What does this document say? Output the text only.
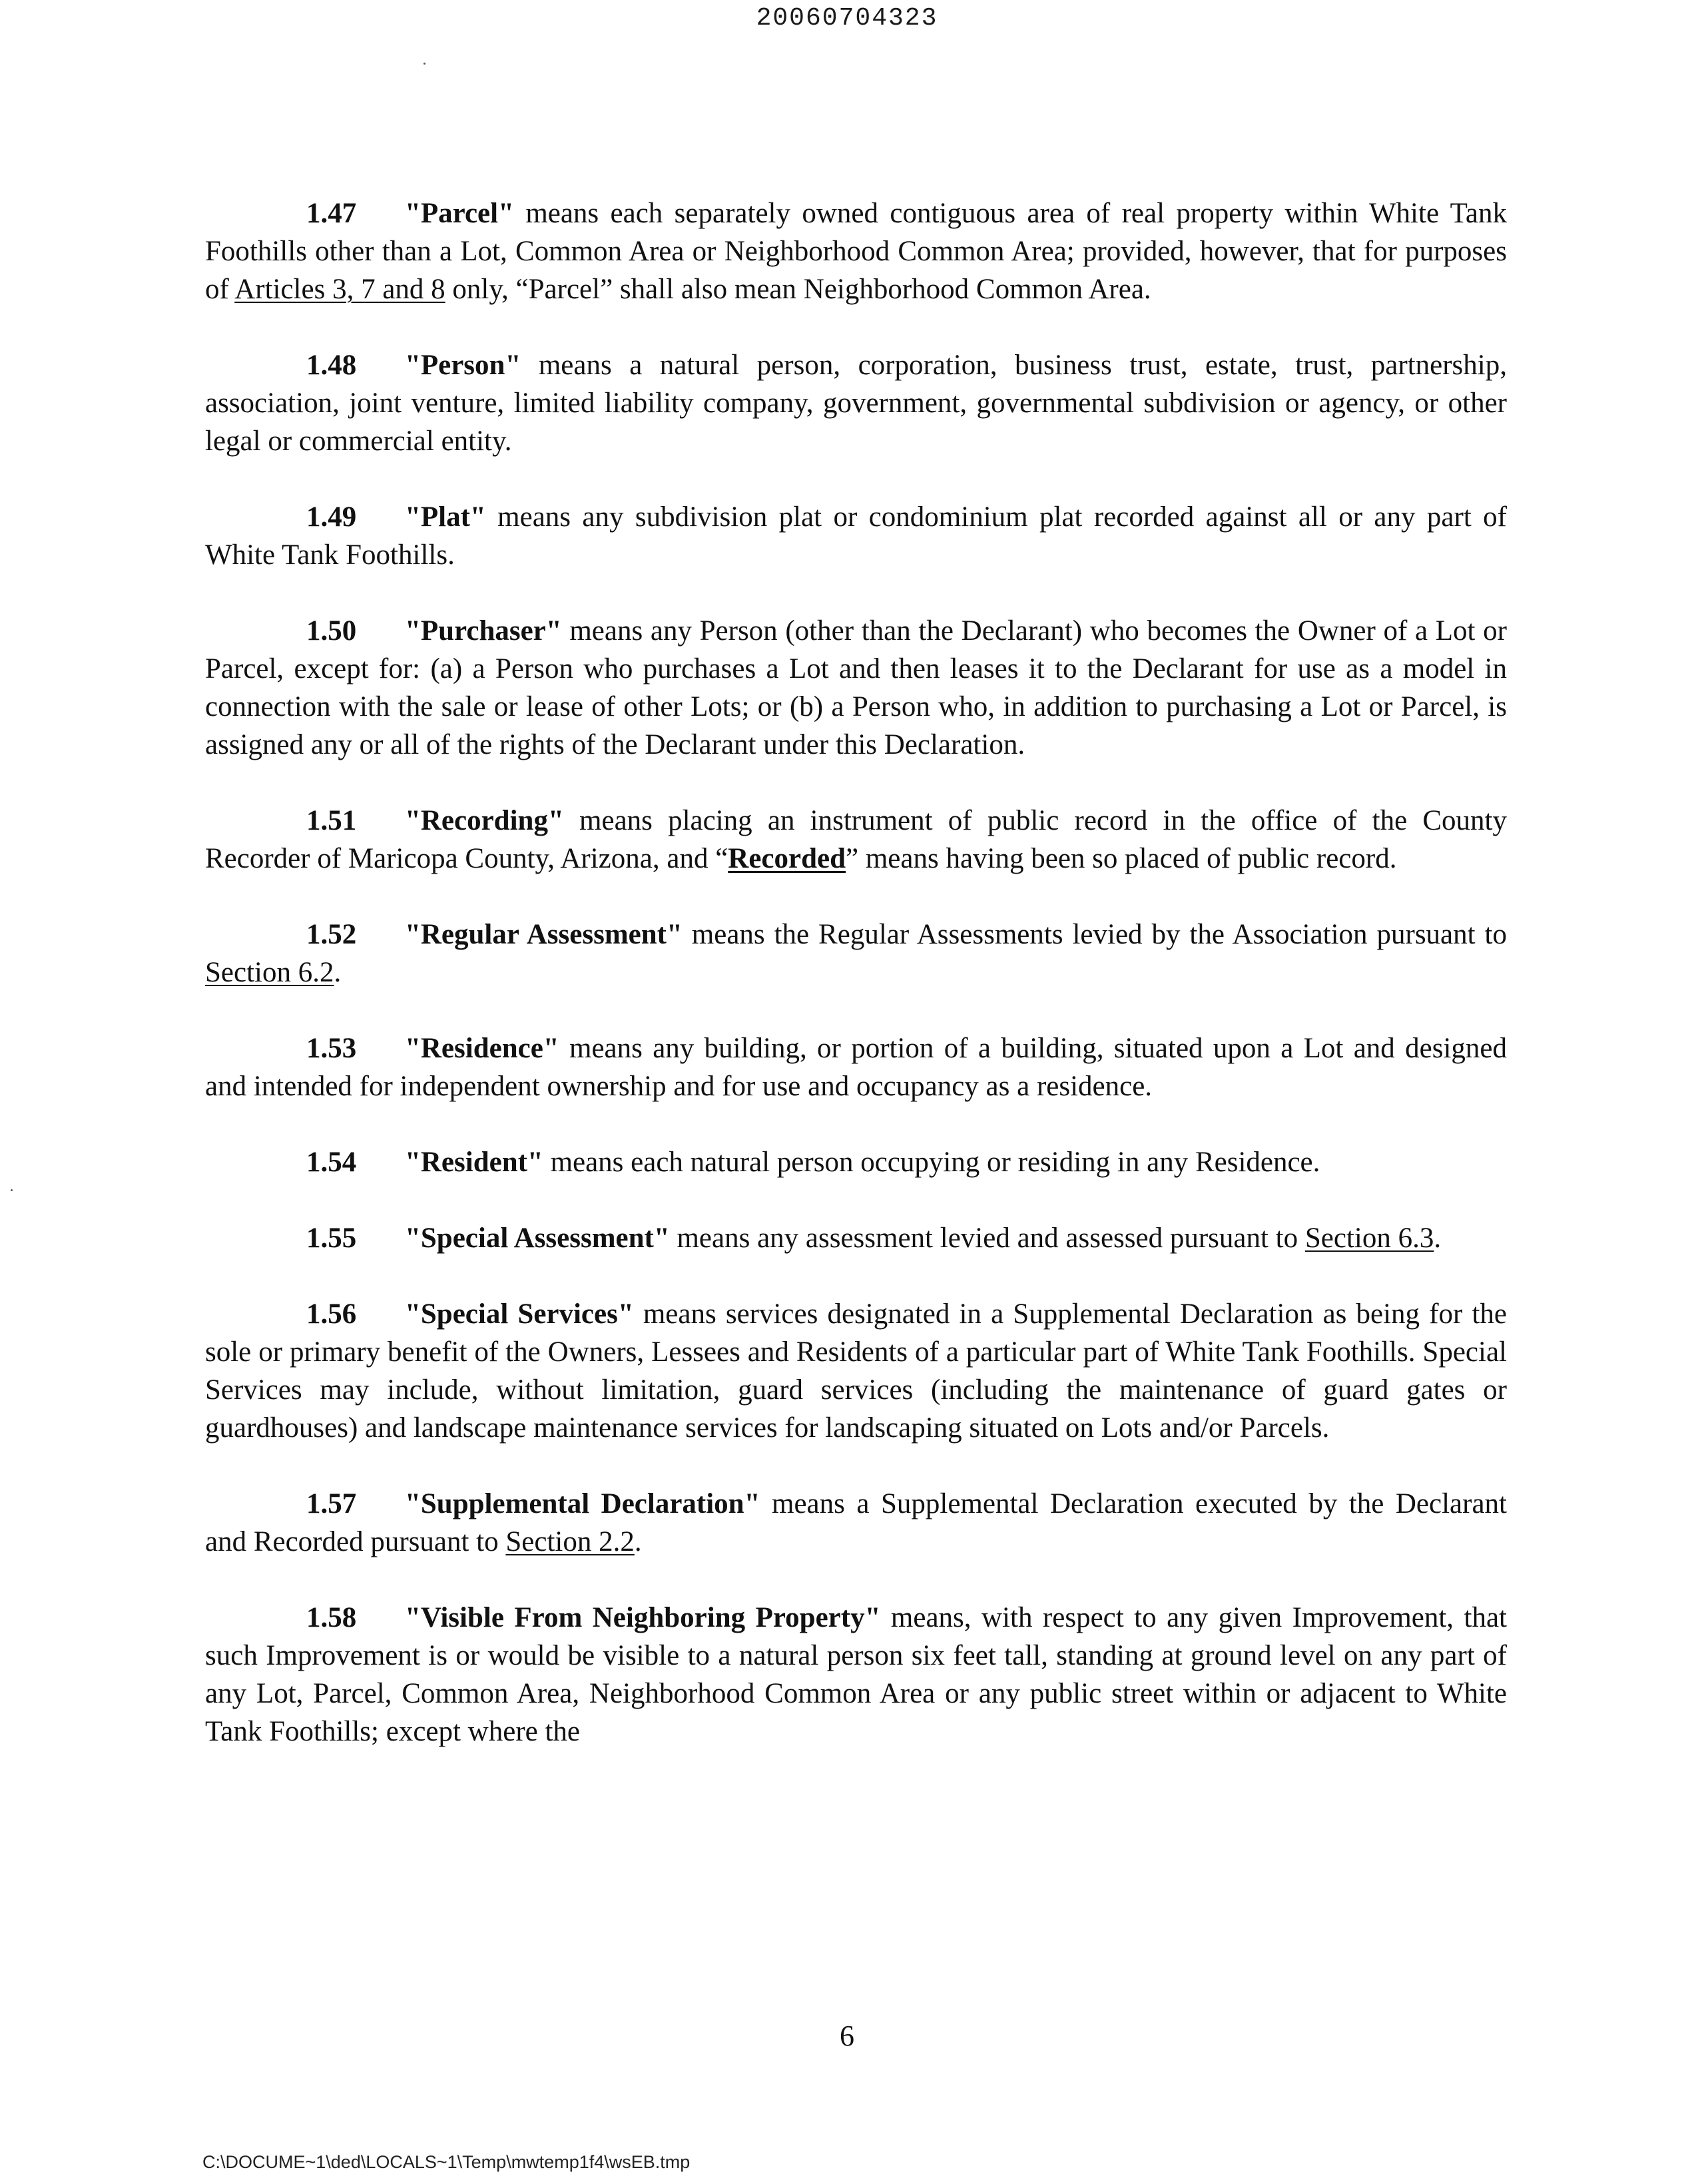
20060704323

1.47 "Parcel" means each separately owned contiguous area of real property within White Tank Foothills other than a Lot, Common Area or Neighborhood Common Area; provided, however, that for purposes of Articles 3, 7 and 8 only, “Parcel” shall also mean Neighborhood Common Area.

1.48 "Person" means a natural person, corporation, business trust, estate, trust, partnership, association, joint venture, limited liability company, government, governmental subdivision or agency, or other legal or commercial entity.

1.49 "Plat" means any subdivision plat or condominium plat recorded against all or any part of White Tank Foothills.

1.50 "Purchaser" means any Person (other than the Declarant) who becomes the Owner of a Lot or Parcel, except for: (a) a Person who purchases a Lot and then leases it to the Declarant for use as a model in connection with the sale or lease of other Lots; or (b) a Person who, in addition to purchasing a Lot or Parcel, is assigned any or all of the rights of the Declarant under this Declaration.

1.51 "Recording" means placing an instrument of public record in the office of the County Recorder of Maricopa County, Arizona, and “Recorded” means having been so placed of public record.

1.52 "Regular Assessment" means the Regular Assessments levied by the Association pursuant to Section 6.2.

1.53 "Residence" means any building, or portion of a building, situated upon a Lot and designed and intended for independent ownership and for use and occupancy as a residence.

1.54 "Resident" means each natural person occupying or residing in any Residence.

1.55 "Special Assessment" means any assessment levied and assessed pursuant to Section 6.3.

1.56 "Special Services" means services designated in a Supplemental Declaration as being for the sole or primary benefit of the Owners, Lessees and Residents of a particular part of White Tank Foothills. Special Services may include, without limitation, guard services (including the maintenance of guard gates or guardhouses) and landscape maintenance services for landscaping situated on Lots and/or Parcels.

1.57 "Supplemental Declaration" means a Supplemental Declaration executed by the Declarant and Recorded pursuant to Section 2.2.

1.58 "Visible From Neighboring Property" means, with respect to any given Improvement, that such Improvement is or would be visible to a natural person six feet tall, standing at ground level on any part of any Lot, Parcel, Common Area, Neighborhood Common Area or any public street within or adjacent to White Tank Foothills; except where the

6
C:\DOCUME~1\ded\LOCALS~1\Temp\mwtemp1f4\wsEB.tmp
